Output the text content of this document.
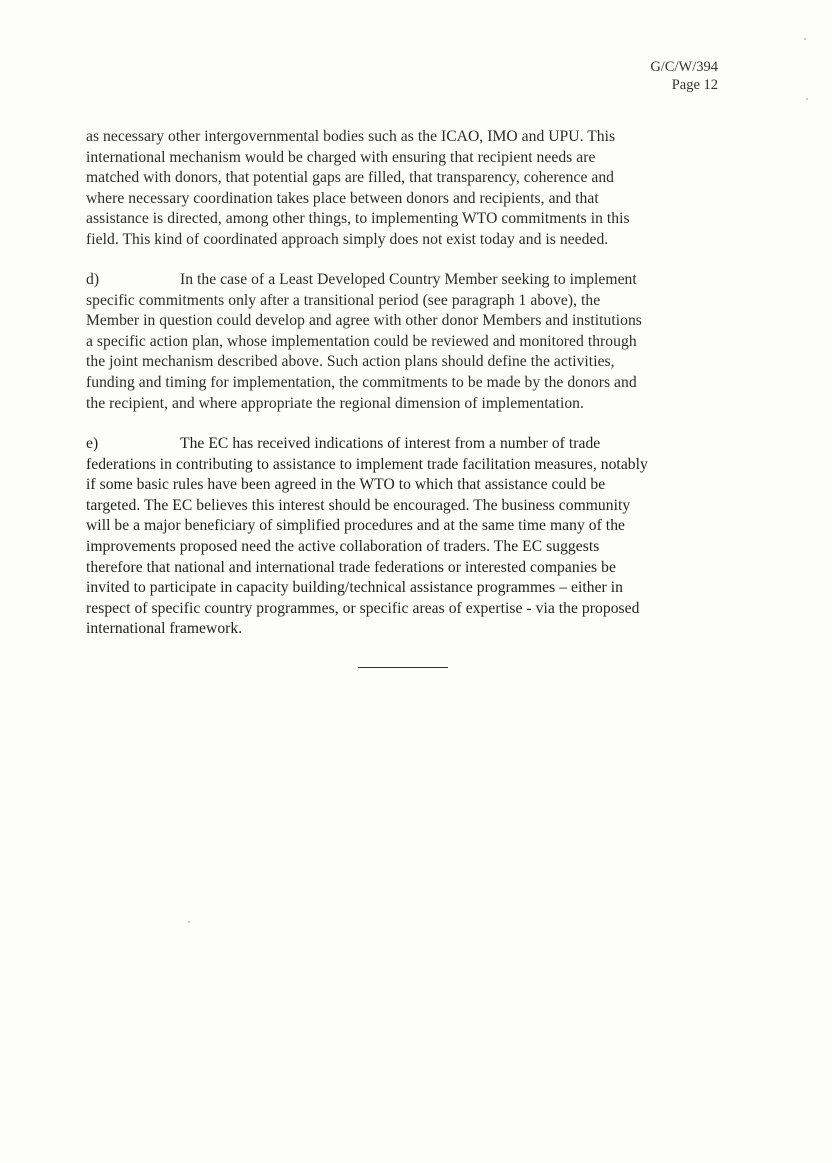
G/C/W/394
Page 12
as necessary other intergovernmental bodies such as the ICAO, IMO and UPU. This
international mechanism would be charged with ensuring that recipient needs are
matched with donors, that potential gaps are filled, that transparency, coherence and
where necessary coordination takes place between donors and recipients, and that
assistance is directed, among other things, to implementing WTO commitments in this
field. This kind of coordinated approach simply does not exist today and is needed.
d)	In the case of a Least Developed Country Member seeking to implement
specific commitments only after a transitional period (see paragraph 1 above), the
Member in question could develop and agree with other donor Members and institutions
a specific action plan, whose implementation could be reviewed and monitored through
the joint mechanism described above. Such action plans should define the activities,
funding and timing for implementation, the commitments to be made by the donors and
the recipient, and where appropriate the regional dimension of implementation.
e)	The EC has received indications of interest from a number of trade
federations in contributing to assistance to implement trade facilitation measures, notably
if some basic rules have been agreed in the WTO to which that assistance could be
targeted. The EC believes this interest should be encouraged. The business community
will be a major beneficiary of simplified procedures and at the same time many of the
improvements proposed need the active collaboration of traders. The EC suggests
therefore that national and international trade federations or interested companies be
invited to participate in capacity building/technical assistance programmes – either in
respect of specific country programmes, or specific areas of expertise - via the proposed
international framework.
